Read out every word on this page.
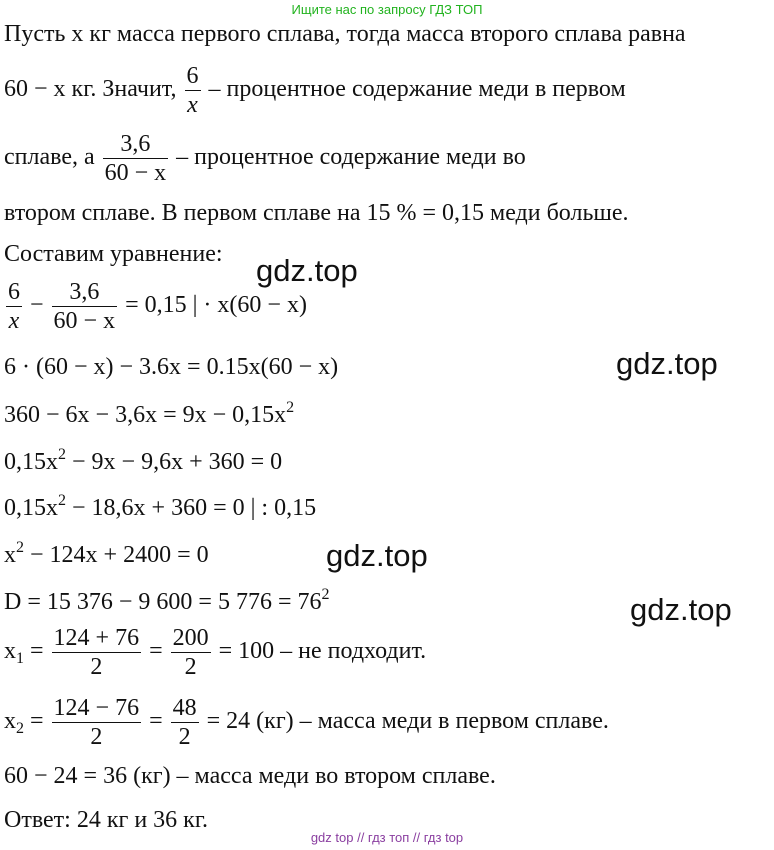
Ищите нас по запросу ГДЗ ТОП
Пусть x кг масса первого сплава, тогда масса второго сплава равна
60 − x кг. Значит, $\frac{6}{x}$ – процентное содержание меди в первом
сплаве, а $\frac{3,6}{60 - x}$ – процентное содержание меди во
втором сплаве. В первом сплаве на 15 % = 0,15 меди больше.
Составим уравнение:
$\frac{6}{x} - \frac{3,6}{60 - x} = 0,15$ | · x(60 − x)
6 · (60 − x) − 3.6x = 0.15x(60 − x)
$360 - 6x - 3,6x = 9x - 0,15x^2$
$0,15x^2 - 9x - 9,6x + 360 = 0$
$0,15x^2 - 18,6x + 360 = 0$ | : 0,15
$x^2 - 124x + 2400 = 0$
D = 15 376 − 9 600 = 5 $776 = 76^2$
$x_1 = \frac{124 + 76}{2} = \frac{200}{2} = 100$ – не подходит.
$x_2 = \frac{124 - 76}{2} = \frac{48}{2} = 24$ (кг) – масса меди в первом сплаве.
60 − 24 = 36 (кг) – масса меди во втором сплаве.
Ответ: 24 кг и 36 кг.
gdz.top
gdz.top
gdz.top
gdz.top
gdz top // гдз топ // гдз top
